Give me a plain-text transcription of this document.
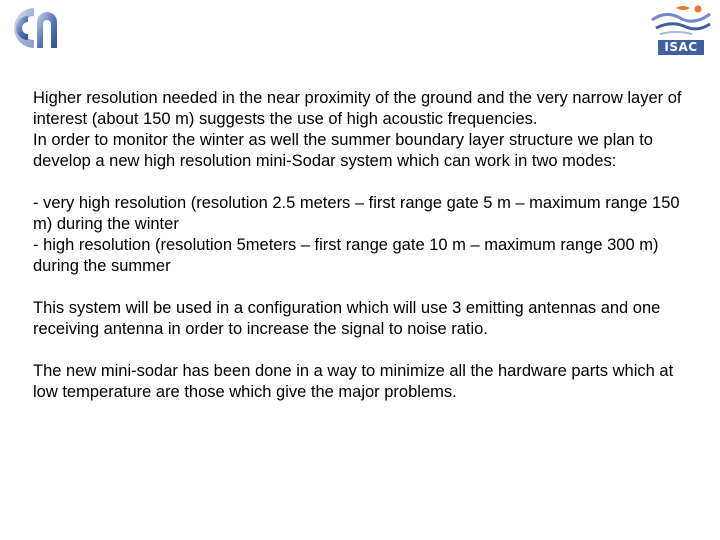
ISAC

Higher resolution needed in the near proximity of the ground and the very narrow layer of interest (about 150 m) suggests the use of high acoustic frequencies.

In order to monitor the winter as well the summer boundary layer structure we plan to develop a new high resolution mini-Sodar system which can work in two modes:

- very high resolution (resolution 2.5 meters – first range gate 5 m – maximum range 150 m) during the winter

- high resolution (resolution 5meters – first range gate 10 m – maximum range 300 m) during the summer

This system will be used in a configuration which will use 3 emitting antennas and one receiving antenna in order to increase the signal to noise ratio.

The new mini-sodar has been done in a way to minimize all the hardware parts which at low temperature are those which give the major problems.
